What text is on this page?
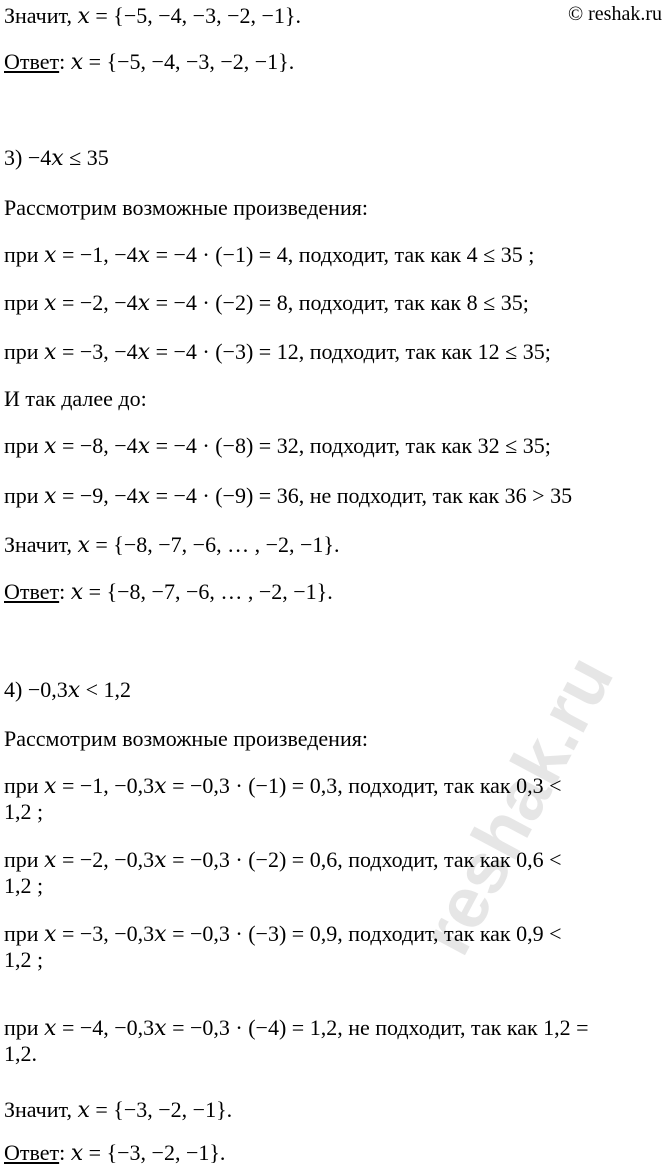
© reshak.ru
reshak.ru
Значит, 𝑥 = {−5, −4, −3, −2, −1}.
Ответ: 𝑥 = {−5, −4, −3, −2, −1}.
3) −4𝑥 ≤ 35
Рассмотрим возможные произведения:
при 𝑥 = −1, −4𝑥 = −4 · (−1) = 4, подходит, так как 4 ≤ 35 ;
при 𝑥 = −2, −4𝑥 = −4 · (−2) = 8, подходит, так как 8 ≤ 35;
при 𝑥 = −3, −4𝑥 = −4 · (−3) = 12, подходит, так как 12 ≤ 35;
И так далее до:
при 𝑥 = −8, −4𝑥 = −4 · (−8) = 32, подходит, так как 32 ≤ 35;
при 𝑥 = −9, −4𝑥 = −4 · (−9) = 36, не подходит, так как 36 > 35
Значит, 𝑥 = {−8, −7, −6, … , −2, −1}.
Ответ: 𝑥 = {−8, −7, −6, … , −2, −1}.
4) −0,3𝑥 < 1,2
Рассмотрим возможные произведения:
при 𝑥 = −1, −0,3𝑥 = −0,3 · (−1) = 0,3, подходит, так как 0,3 <
1,2 ;
при 𝑥 = −2, −0,3𝑥 = −0,3 · (−2) = 0,6, подходит, так как 0,6 <
1,2 ;
при 𝑥 = −3, −0,3𝑥 = −0,3 · (−3) = 0,9, подходит, так как 0,9 <
1,2 ;
при 𝑥 = −4, −0,3𝑥 = −0,3 · (−4) = 1,2, не подходит, так как 1,2 =
1,2.
Значит, 𝑥 = {−3, −2, −1}.
Ответ: 𝑥 = {−3, −2, −1}.
